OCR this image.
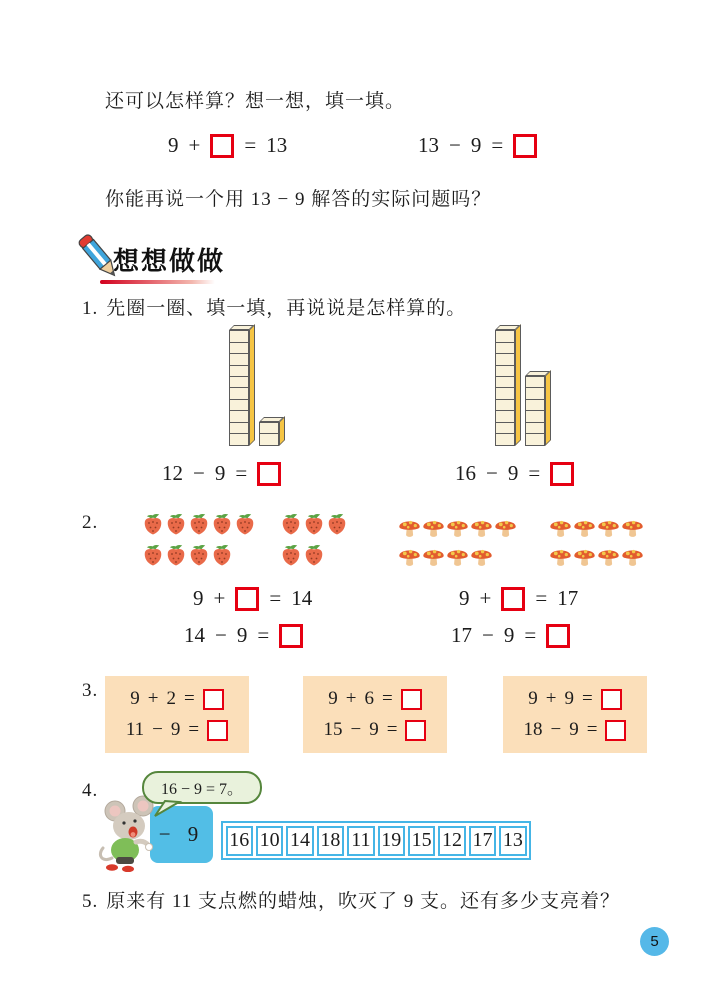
还可以怎样算？想一想，填一填。
9 + = 13	13 − 9 =
你能再说一个用 13 − 9 解答的实际问题吗？
想想做做
1. 先圈一圈、填一填，再说说是怎样算的。
12 − 9 =	16 − 9 =
2.
9 + = 14
14 − 9 =
9 + = 17
17 − 9 =
3. 9 + 2 =
11 − 9 =
9 + 6 =
15 − 9 =
9 + 9 =
18 − 9 =
4.	16 − 9 = 7。
− 9	16 10 14 18 11 19 15 12 17 13
5. 原来有 11 支点燃的蜡烛，吹灭了 9 支。还有多少支亮着？
5
